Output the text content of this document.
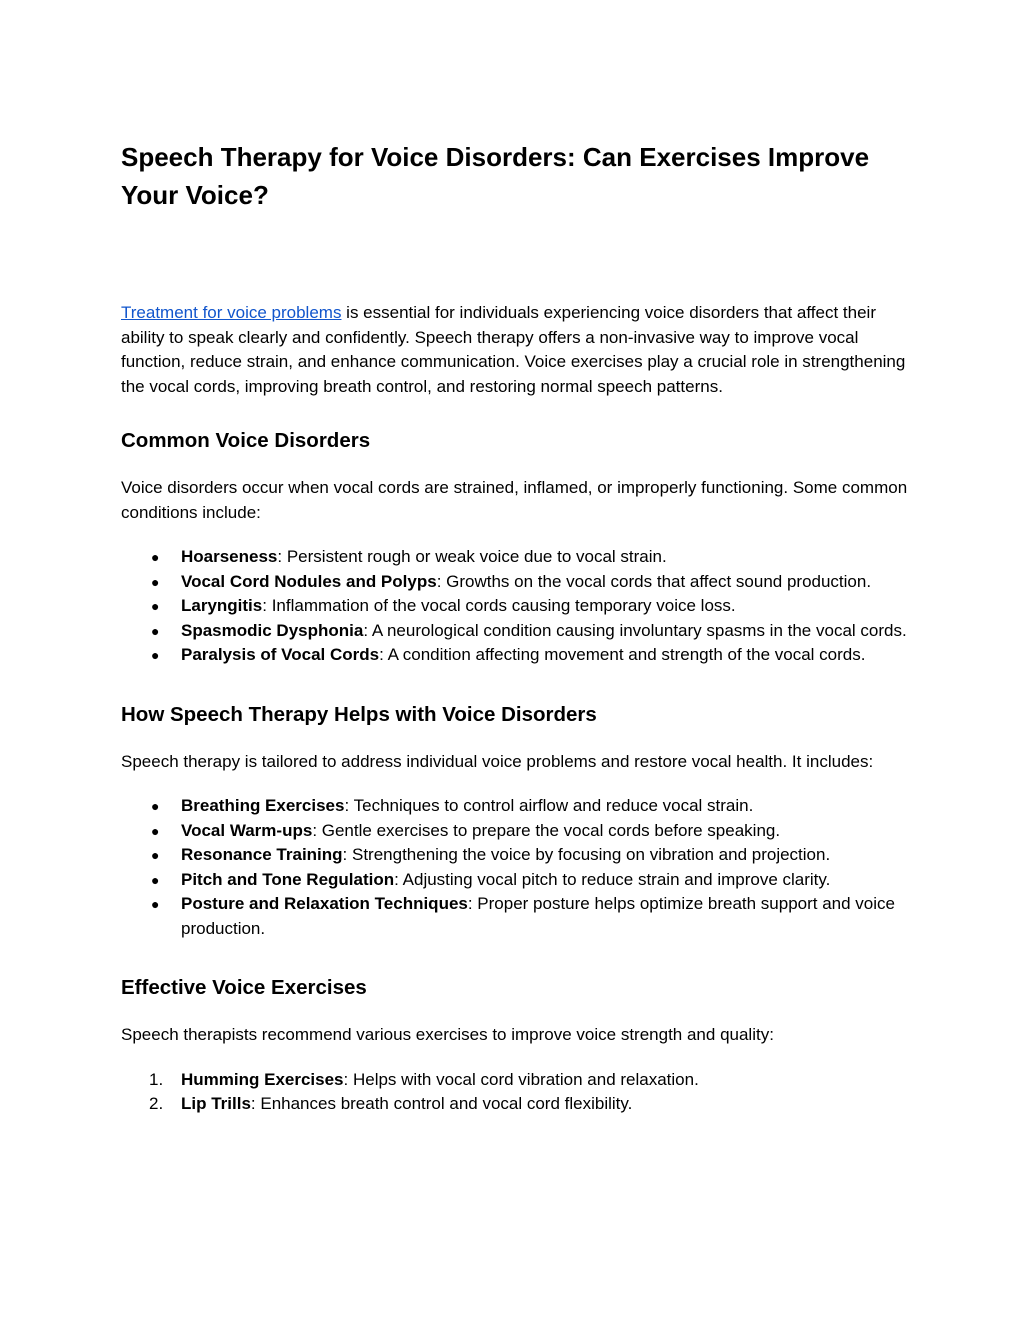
Speech Therapy for Voice Disorders: Can Exercises Improve Your Voice?

Treatment for voice problems is essential for individuals experiencing voice disorders that affect their ability to speak clearly and confidently. Speech therapy offers a non-invasive way to improve vocal function, reduce strain, and enhance communication. Voice exercises play a crucial role in strengthening the vocal cords, improving breath control, and restoring normal speech patterns.

Common Voice Disorders

Voice disorders occur when vocal cords are strained, inflamed, or improperly functioning. Some common conditions include:

● Hoarseness: Persistent rough or weak voice due to vocal strain.
● Vocal Cord Nodules and Polyps: Growths on the vocal cords that affect sound production.
● Laryngitis: Inflammation of the vocal cords causing temporary voice loss.
● Spasmodic Dysphonia: A neurological condition causing involuntary spasms in the vocal cords.
● Paralysis of Vocal Cords: A condition affecting movement and strength of the vocal cords.
How Speech Therapy Helps with Voice Disorders

Speech therapy is tailored to address individual voice problems and restore vocal health. It includes:

● Breathing Exercises: Techniques to control airflow and reduce vocal strain.
● Vocal Warm-ups: Gentle exercises to prepare the vocal cords before speaking.
● Resonance Training: Strengthening the voice by focusing on vibration and projection.
● Pitch and Tone Regulation: Adjusting vocal pitch to reduce strain and improve clarity.
● Posture and Relaxation Techniques: Proper posture helps optimize breath support and voice production.
Effective Voice Exercises

Speech therapists recommend various exercises to improve voice strength and quality:

1. Humming Exercises: Helps with vocal cord vibration and relaxation.
2. Lip Trills: Enhances breath control and vocal cord flexibility.
